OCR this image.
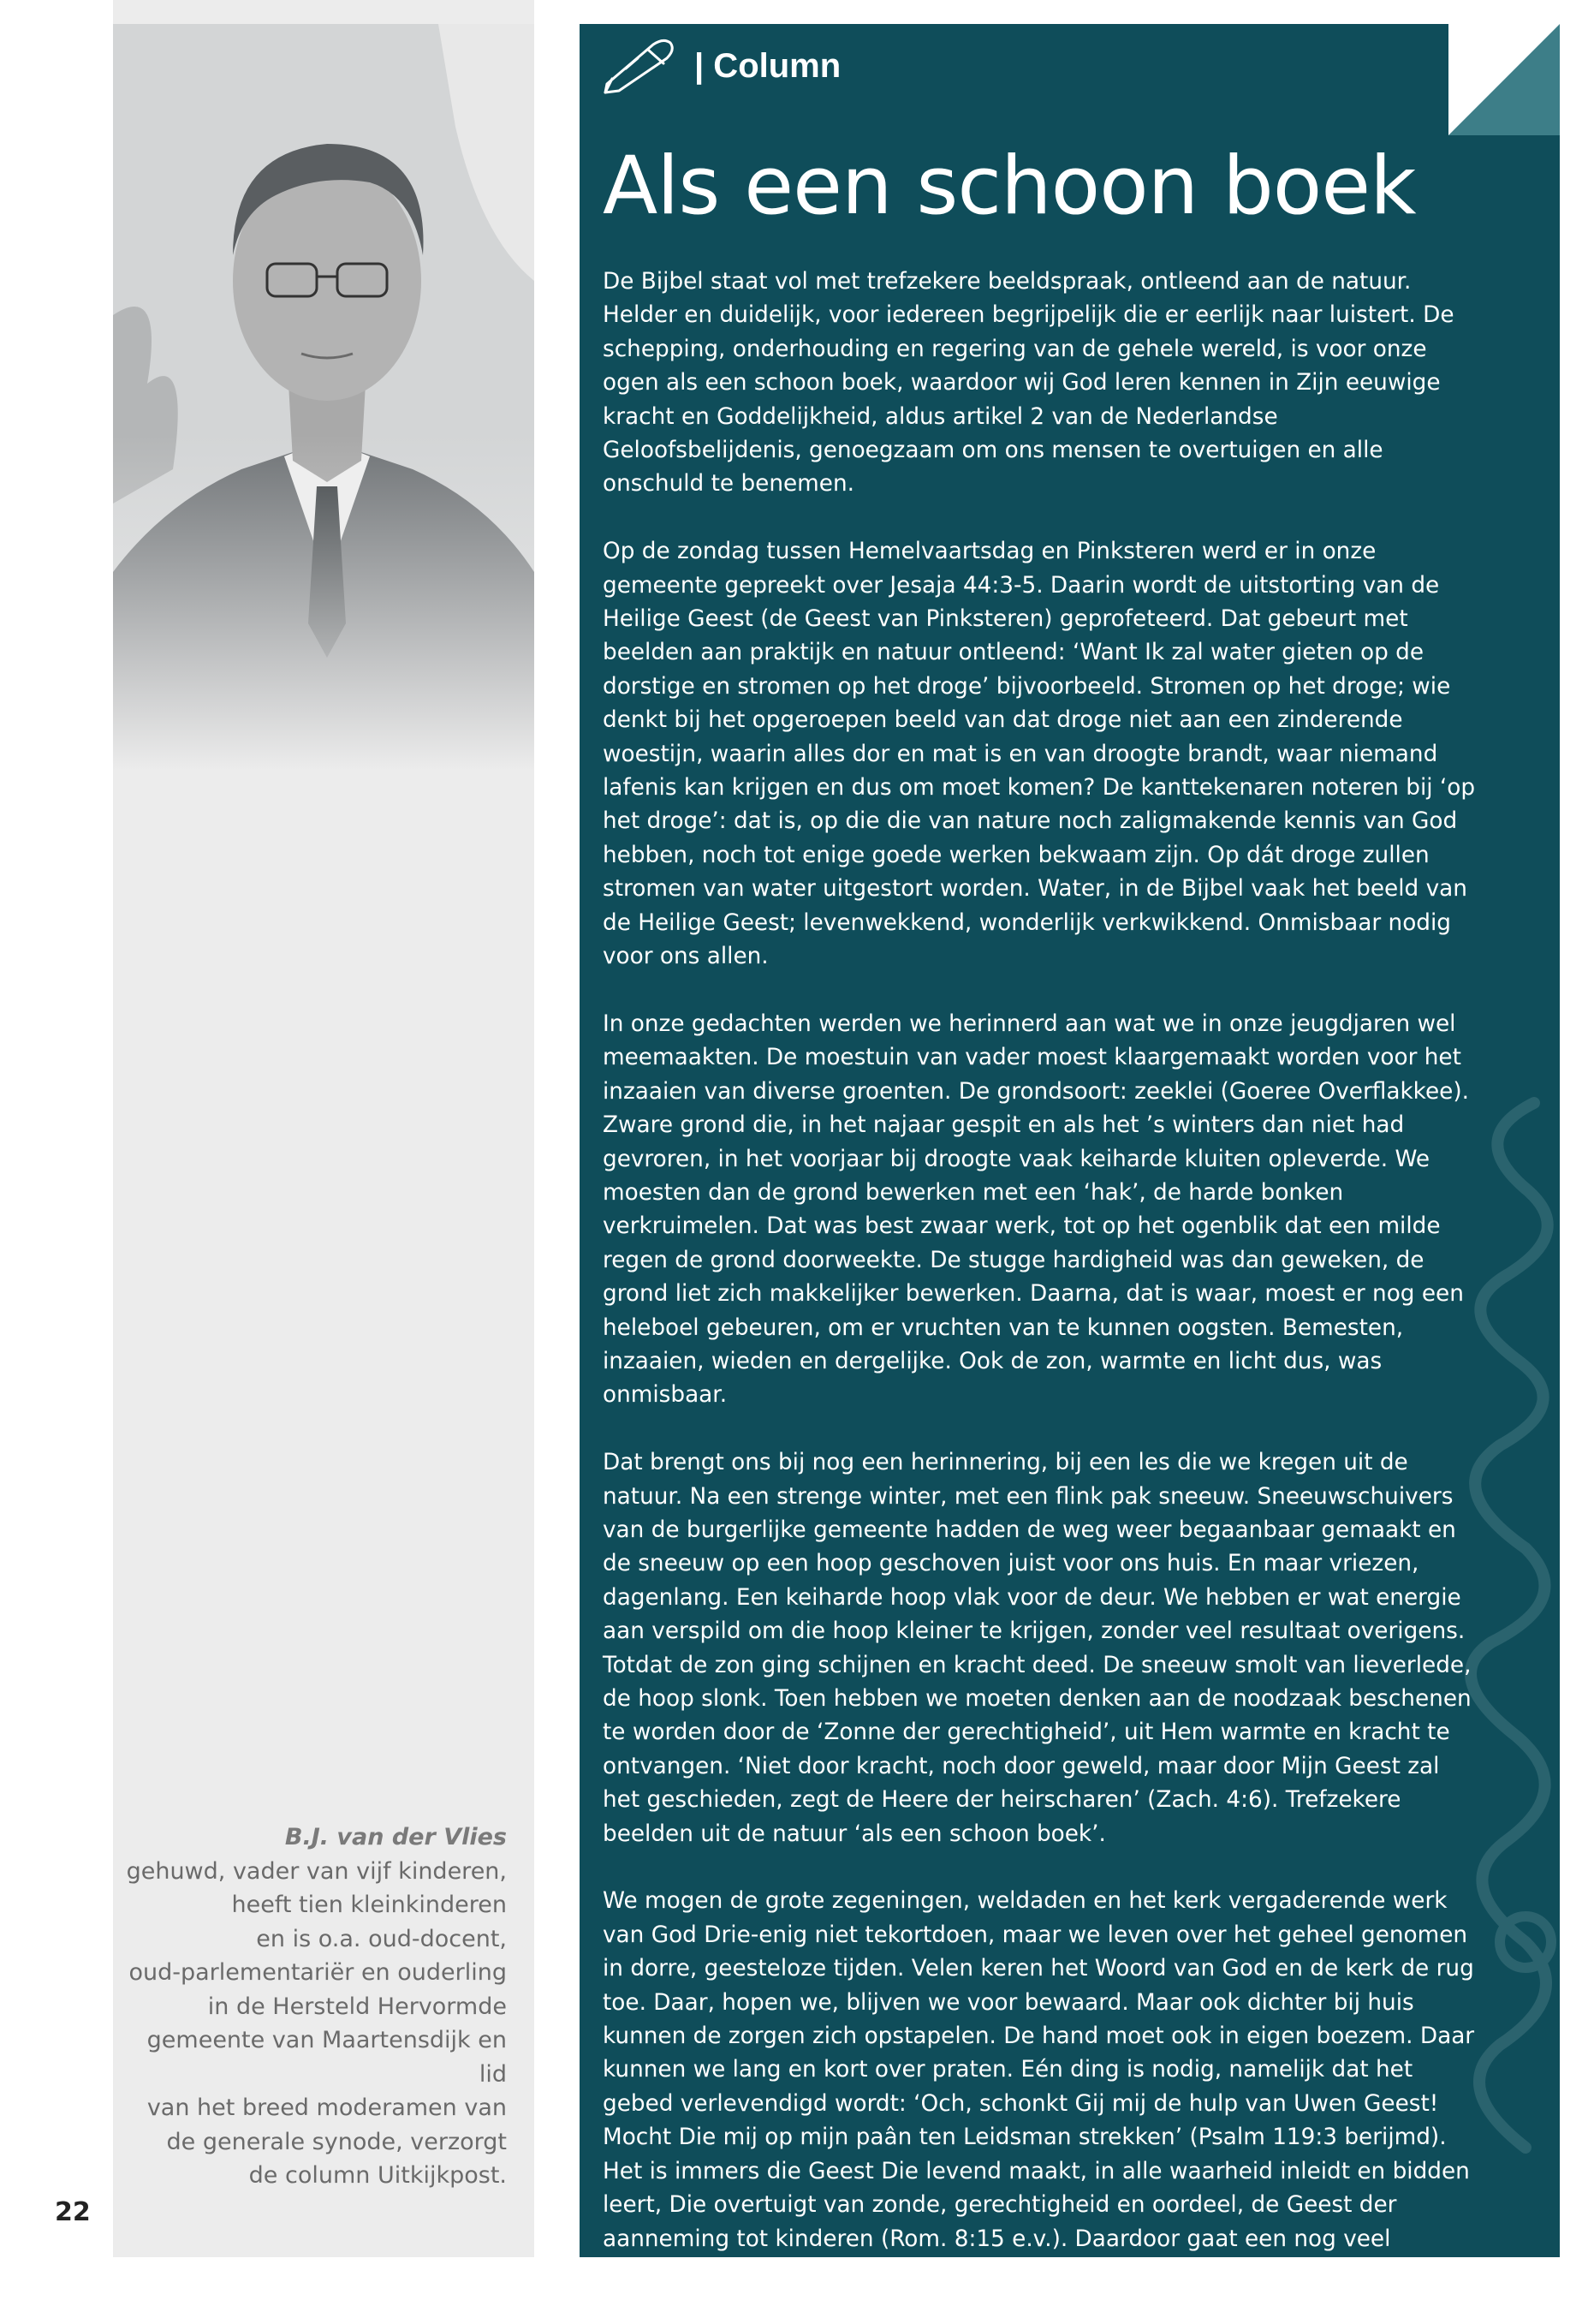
B.J. van der Vlies
gehuwd, vader van vijf kinderen,
heeft tien kleinkinderen
en is o.a. oud-docent,
oud-parlementariër en ouderling
in de Hersteld Hervormde
gemeente van Maartensdijk en lid
van het breed moderamen van
de generale synode, verzorgt
de column Uitkijkpost.
22
| Column
Als een schoon boek

De Bijbel staat vol met trefzekere beeldspraak, ontleend aan de natuur. Helder en duidelijk, voor iedereen begrijpelijk die er eerlijk naar luistert. De schepping, onderhouding en regering van de gehele wereld, is voor onze ogen als een schoon boek, waardoor wij God leren kennen in Zijn eeuwige kracht en Goddelijkheid, aldus artikel 2 van de Nederlandse Geloofsbelijdenis, genoegzaam om ons mensen te overtuigen en alle onschuld te benemen.

Op de zondag tussen Hemelvaartsdag en Pinksteren werd er in onze gemeente gepreekt over Jesaja 44:3-5. Daarin wordt de uitstorting van de Heilige Geest (de Geest van Pinksteren) geprofeteerd. Dat gebeurt met beelden aan praktijk en natuur ontleend: ‘Want Ik zal water gieten op de dorstige en stromen op het droge’ bijvoorbeeld. Stromen op het droge; wie denkt bij het opgeroepen beeld van dat droge niet aan een zinderende woestijn, waarin alles dor en mat is en van droogte brandt, waar niemand lafenis kan krijgen en dus om moet komen? De kanttekenaren noteren bij ‘op het droge’: dat is, op die die van nature noch zaligmakende kennis van God hebben, noch tot enige goede werken bekwaam zijn. Op dát droge zullen stromen van water uitgestort worden. Water, in de Bijbel vaak het beeld van de Heilige Geest; levenwekkend, wonderlijk verkwikkend. Onmisbaar nodig voor ons allen.

In onze gedachten werden we herinnerd aan wat we in onze jeugdjaren wel meemaakten. De moestuin van vader moest klaargemaakt worden voor het inzaaien van diverse groenten. De grondsoort: zeeklei (Goeree Overflakkee). Zware grond die, in het najaar gespit en als het ’s winters dan niet had gevroren, in het voorjaar bij droogte vaak keiharde kluiten opleverde. We moesten dan de grond bewerken met een ‘hak’, de harde bonken verkruimelen. Dat was best zwaar werk, tot op het ogenblik dat een milde regen de grond doorweekte. De stugge hardigheid was dan geweken, de grond liet zich makkelijker bewerken. Daarna, dat is waar, moest er nog een heleboel gebeuren, om er vruchten van te kunnen oogsten. Bemesten, inzaaien, wieden en dergelijke. Ook de zon, warmte en licht dus, was onmisbaar.

Dat brengt ons bij nog een herinnering, bij een les die we kregen uit de natuur. Na een strenge winter, met een flink pak sneeuw. Sneeuwschuivers van de burgerlijke gemeente hadden de weg weer begaanbaar gemaakt en de sneeuw op een hoop geschoven juist voor ons huis. En maar vriezen, dagenlang. Een keiharde hoop vlak voor de deur. We hebben er wat energie aan verspild om die hoop kleiner te krijgen, zonder veel resultaat overigens. Totdat de zon ging schijnen en kracht deed. De sneeuw smolt van lieverlede, de hoop slonk. Toen hebben we moeten denken aan de noodzaak beschenen te worden door de ‘Zonne der gerechtigheid’, uit Hem warmte en kracht te ontvangen. ‘Niet door kracht, noch door geweld, maar door Mijn Geest zal het geschieden, zegt de Heere der heirscharen’ (Zach. 4:6). Trefzekere beelden uit de natuur ‘als een schoon boek’.

We mogen de grote zegeningen, weldaden en het kerk vergaderende werk van God Drie-enig niet tekortdoen, maar we leven over het geheel genomen in dorre, geesteloze tijden. Velen keren het Woord van God en de kerk de rug toe. Daar, hopen we, blijven we voor bewaard. Maar ook dichter bij huis kunnen de zorgen zich opstapelen. De hand moet ook in eigen boezem. Daar kunnen we lang en kort over praten. Eén ding is nodig, namelijk dat het gebed verlevendigd wordt: ‘Och, schonkt Gij mij de hulp van Uwen Geest! Mocht Die mij op mijn paân ten Leidsman strekken’ (Psalm 119:3 berijmd). Het is immers die Geest Die levend maakt, in alle waarheid inleidt en bidden leert, Die overtuigt van zonde, gerechtigheid en oordeel, de Geest der aanneming tot kinderen (Rom. 8:15 e.v.). Daardoor gaat een nog veel klaarder boek open, waardoor de Heere Zich doet kennen tot Zijn eer en de zaligheid der Zijnen.
